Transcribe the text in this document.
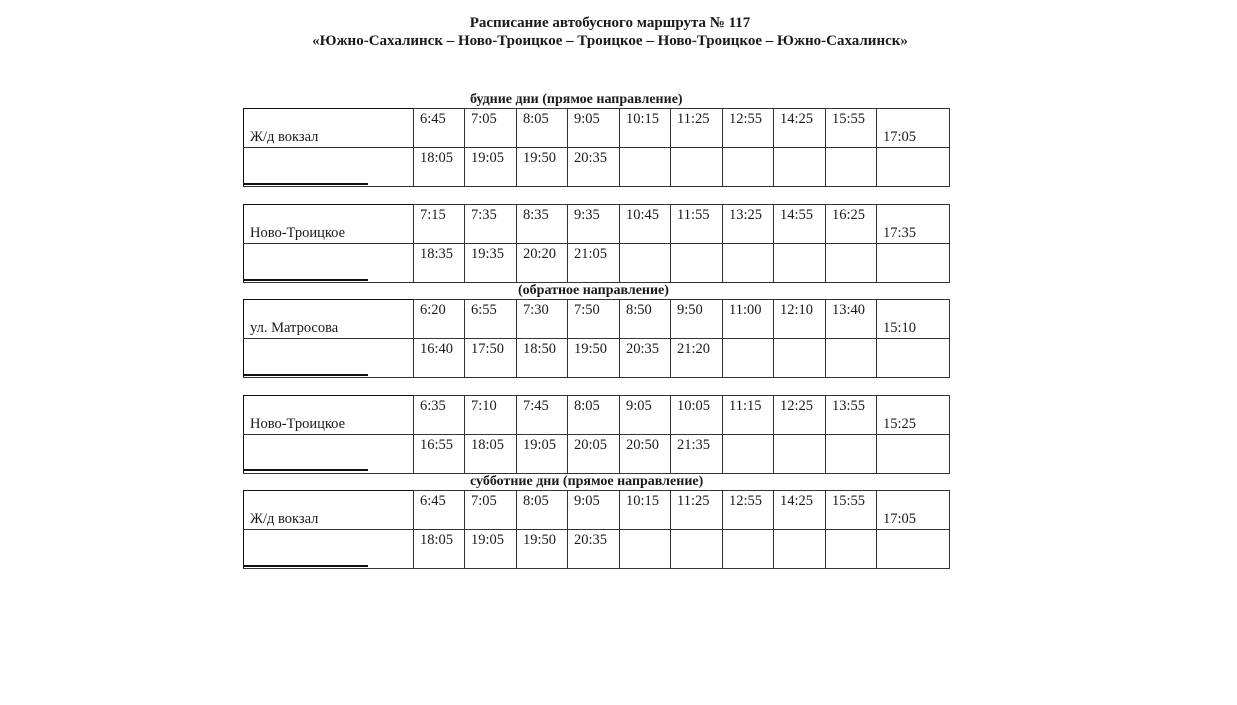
Расписание автобусного маршрута № 117
«Южно-Сахалинск – Ново-Троицкое – Троицкое – Ново-Троицкое – Южно-Сахалинск»
будние дни (прямое направление)
Ж/д вокзал	6:45	7:05	8:05	9:05	10:15	11:25	12:55	14:25	15:55	17:05

	18:05	19:05	19:50	20:35						

Ново-Троицкое	7:15	7:35	8:35	9:35	10:45	11:55	13:25	14:55	16:25	17:35

	18:35	19:35	20:20	21:05						

(обратное направление)
ул. Матросова	6:20	6:55	7:30	7:50	8:50	9:50	11:00	12:10	13:40	15:10

	16:40	17:50	18:50	19:50	20:35	21:20				

Ново-Троицкое	6:35	7:10	7:45	8:05	9:05	10:05	11:15	12:25	13:55	15:25

	16:55	18:05	19:05	20:05	20:50	21:35				

субботние дни (прямое направление)
Ж/д вокзал	6:45	7:05	8:05	9:05	10:15	11:25	12:55	14:25	15:55	17:05

	18:05	19:05	19:50	20:35						
